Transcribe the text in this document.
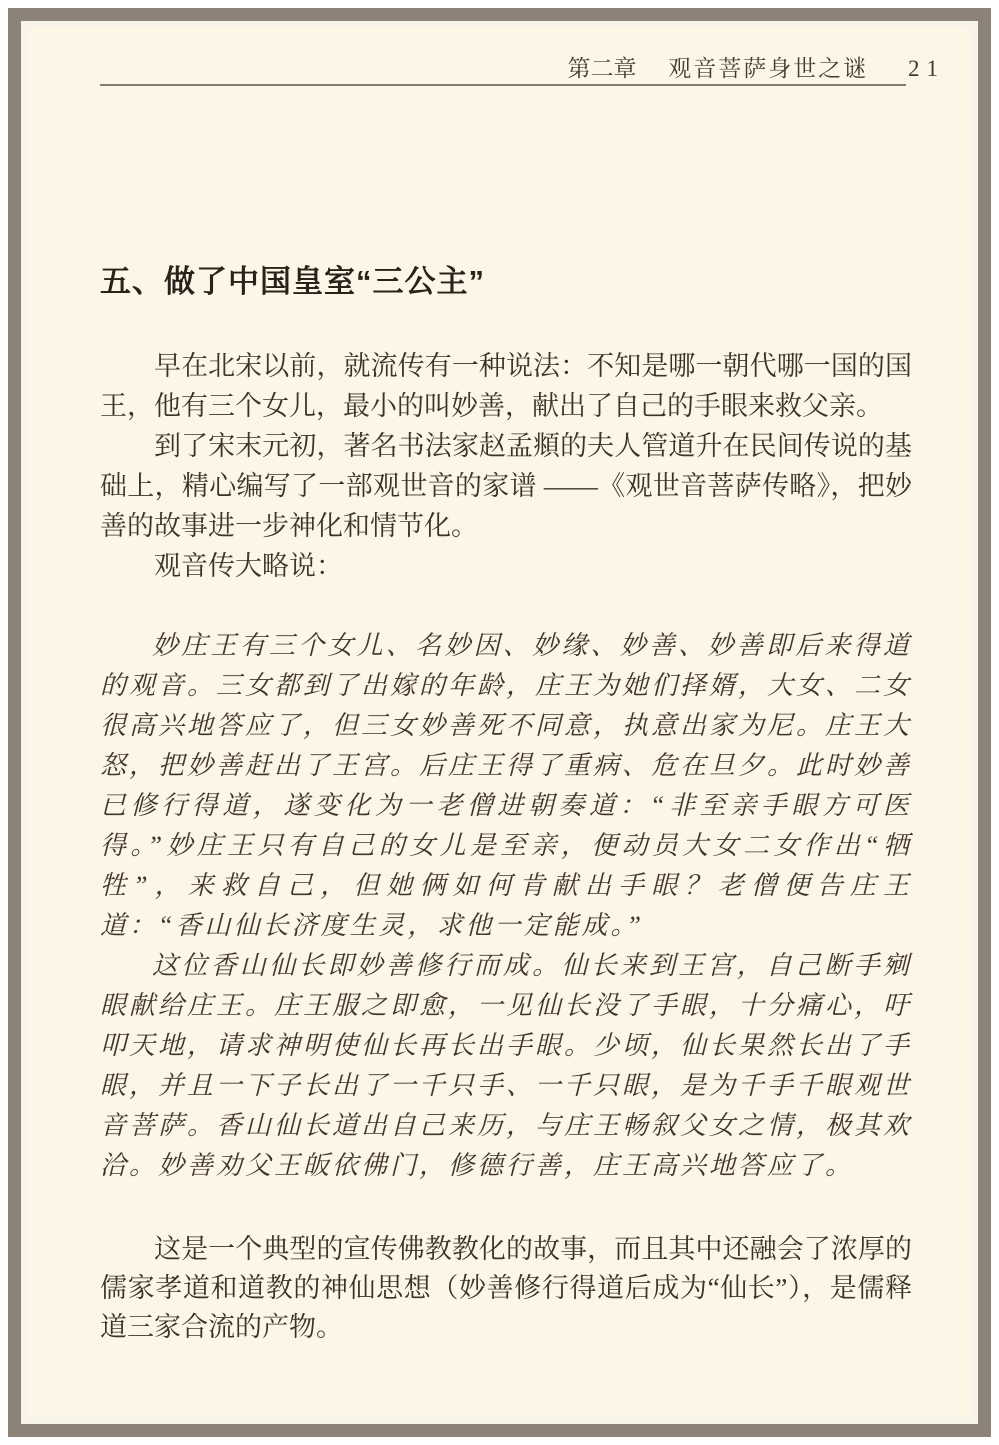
第二章 观音菩萨身世之谜 21
五、做了中国皇室“三公主”

早在北宋以前，就流传有一种说法：不知是哪一朝代哪一国的国王，他有三个女儿，最小的叫妙善，献出了自己的手眼来救父亲。

到了宋末元初，著名书法家赵孟頫的夫人管道升在民间传说的基础上，精心编写了一部观世音的家谱 ——《观世音菩萨传略》，把妙善的故事进一步神化和情节化。

观音传大略说：

妙庄王有三个女儿、名妙因、妙缘、妙善、妙善即后来得道的观音。三女都到了出嫁的年龄，庄王为她们择婿，大女、二女很高兴地答应了，但三女妙善死不同意，执意出家为尼。庄王大怒，把妙善赶出了王宫。后庄王得了重病、危在旦夕。此时妙善已修行得道，遂变化为一老僧进朝奏道：“非至亲手眼方可医得。”妙庄王只有自己的女儿是至亲，便动员大女二女作出“牺牲”，来救自己，但她俩如何肯献出手眼？老僧便告庄王道：“香山仙长济度生灵，求他一定能成。”

这位香山仙长即妙善修行而成。仙长来到王宫，自己断手剜眼献给庄王。庄王服之即愈，一见仙长没了手眼，十分痛心，吁叩天地，请求神明使仙长再长出手眼。少顷，仙长果然长出了手眼，并且一下子长出了一千只手、一千只眼，是为千手千眼观世音菩萨。香山仙长道出自己来历，与庄王畅叙父女之情，极其欢洽。妙善劝父王皈依佛门，修德行善，庄王高兴地答应了。

这是一个典型的宣传佛教教化的故事，而且其中还融会了浓厚的儒家孝道和道教的神仙思想（妙善修行得道后成为“仙长”），是儒释道三家合流的产物。
